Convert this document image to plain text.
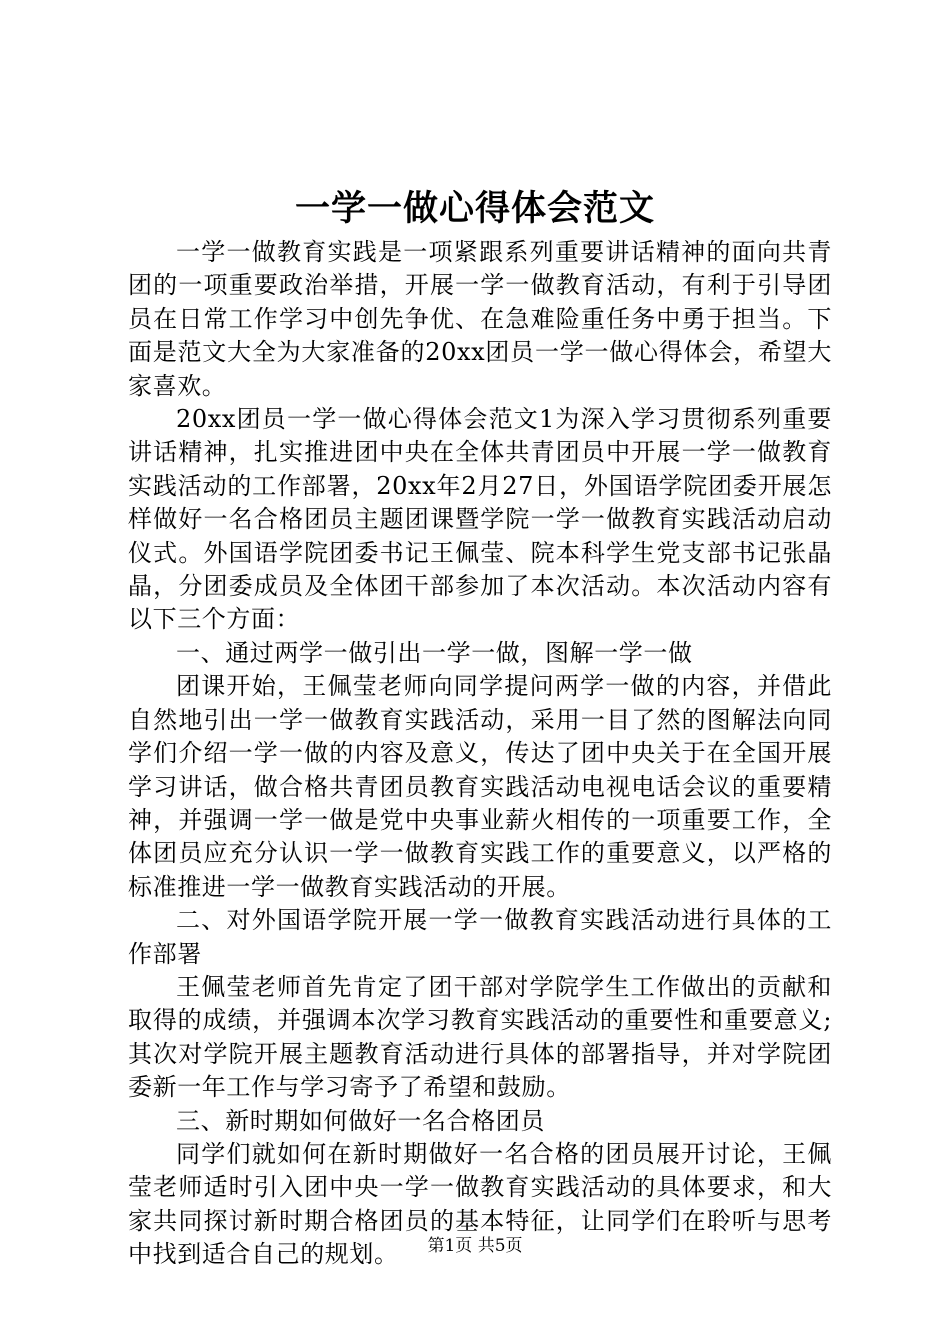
一学一做心得体会范文

一学一做教育实践是一项紧跟系列重要讲话精神的面向共青团的一项重要政治举措，开展一学一做教育活动，有利于引导团员在日常工作学习中创先争优、在急难险重任务中勇于担当。下面是范文大全为大家准备的20xx团员一学一做心得体会，希望大家喜欢。

20xx团员一学一做心得体会范文1为深入学习贯彻系列重要讲话精神，扎实推进团中央在全体共青团员中开展一学一做教育实践活动的工作部署，20xx年2月27日，外国语学院团委开展怎样做好一名合格团员主题团课暨学院一学一做教育实践活动启动仪式。外国语学院团委书记王佩莹、院本科学生党支部书记张晶晶，分团委成员及全体团干部参加了本次活动。本次活动内容有以下三个方面：

一、通过两学一做引出一学一做，图解一学一做

团课开始，王佩莹老师向同学提问两学一做的内容，并借此自然地引出一学一做教育实践活动，采用一目了然的图解法向同学们介绍一学一做的内容及意义，传达了团中央关于在全国开展学习讲话，做合格共青团员教育实践活动电视电话会议的重要精神，并强调一学一做是党中央事业薪火相传的一项重要工作，全体团员应充分认识一学一做教育实践工作的重要意义，以严格的标准推进一学一做教育实践活动的开展。

二、对外国语学院开展一学一做教育实践活动进行具体的工作部署

王佩莹老师首先肯定了团干部对学院学生工作做出的贡献和取得的成绩，并强调本次学习教育实践活动的重要性和重要意义;其次对学院开展主题教育活动进行具体的部署指导，并对学院团委新一年工作与学习寄予了希望和鼓励。

三、新时期如何做好一名合格团员

同学们就如何在新时期做好一名合格的团员展开讨论，王佩莹老师适时引入团中央一学一做教育实践活动的具体要求，和大家共同探讨新时期合格团员的基本特征，让同学们在聆听与思考中找到适合自己的规划。	第1页 共5页
